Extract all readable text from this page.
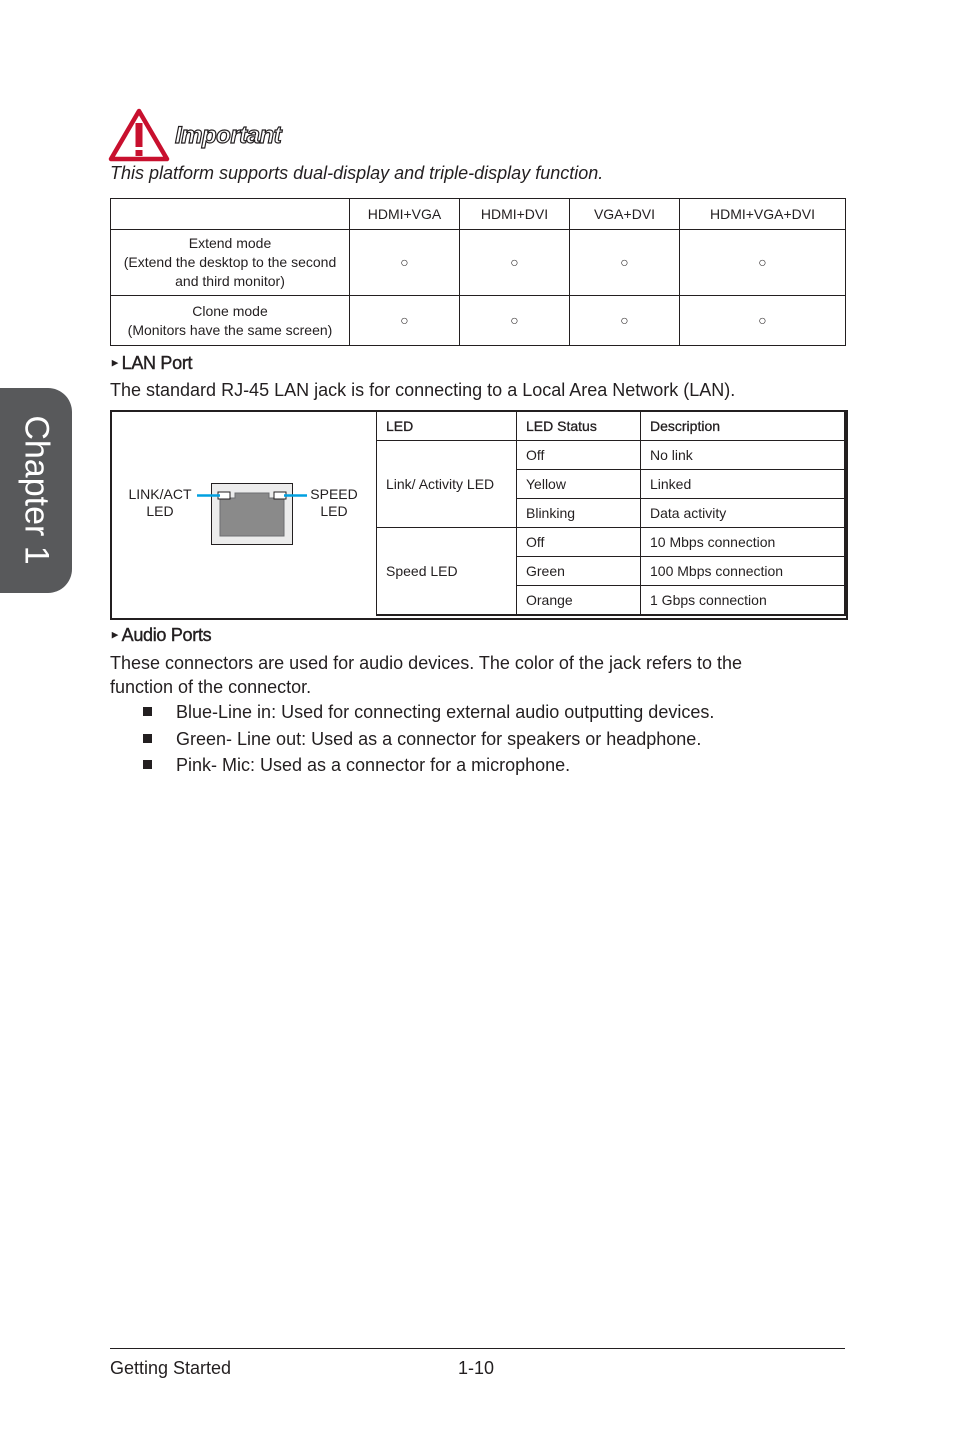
Chapter 1
Important
This platform supports dual-display and triple-display function.
	HDMI+VGA	HDMI+DVI	VGA+DVI	HDMI+VGA+DVI

Extend mode
(Extend the desktop to the second
and third monitor)	○	○	○	○

Clone mode
(Monitors have the same screen)	○	○	○	○
► LAN Port
The standard RJ-45 LAN jack is for connecting to a Local Area Network (LAN).
LINK/ACT
LED
SPEED
LED
LED	LED Status	Description
Link/ Activity LED	Off	No link
	Yellow	Linked
	Blinking	Data activity
Speed LED	Off	10 Mbps connection
	Green	100 Mbps connection
	Orange	1 Gbps connection
► Audio Ports
These connectors are used for audio devices. The color of the jack refers to the
function of the connector.
Blue-Line in: Used for connecting external audio outputting devices.
Green- Line out: Used as a connector for speakers or headphone.
Pink- Mic: Used as a connector for a microphone.
Getting Started	1-10
